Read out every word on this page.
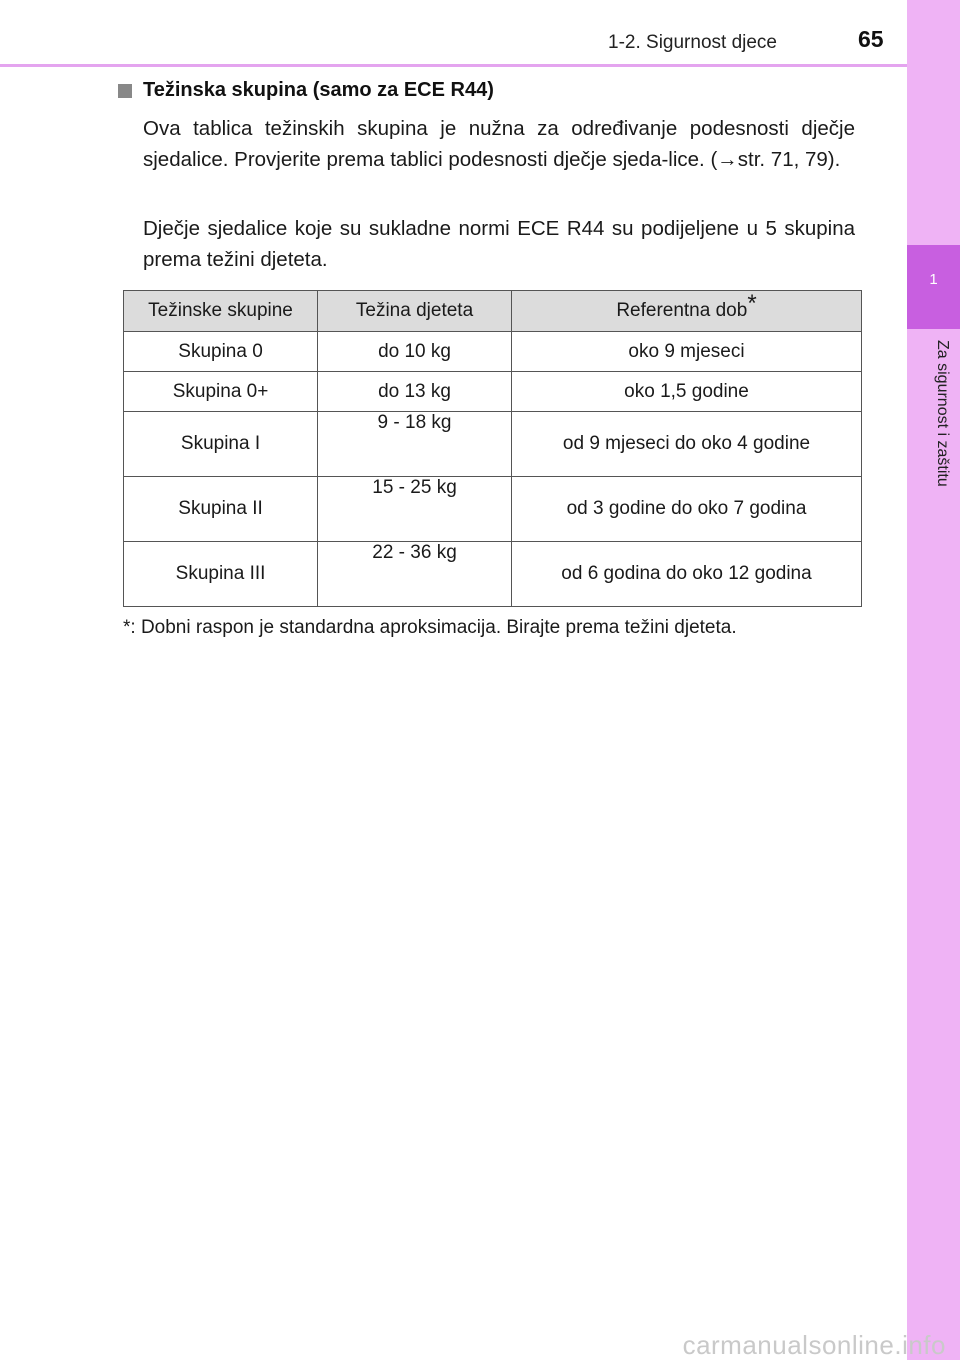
1
Za sigurnost i zaštitu
1-2. Sigurnost djece	65
Težinska skupina (samo za ECE R44)

Ova tablica težinskih skupina je nužna za određivanje podesnosti dječje sjedalice. Provjerite prema tablici podesnosti dječje sjeda-lice. (→str. 71, 79).

Dječje sjedalice koje su sukladne normi ECE R44 su podijeljene u 5 skupina prema težini djeteta.

Težinske skupine	Težina djeteta	Referentna dob*
Skupina 0	do 10 kg	oko 9 mjeseci
Skupina 0+	do 13 kg	oko 1,5 godine
Skupina I	9 - 18 kg	od 9 mjeseci do oko 4 godine
Skupina II	15 - 25 kg	od 3 godine do oko 7 godina
Skupina III	22 - 36 kg	od 6 godina do oko 12 godina
*: Dobni raspon je standardna aproksimacija. Birajte prema težini djeteta.
carmanualsonline.info
